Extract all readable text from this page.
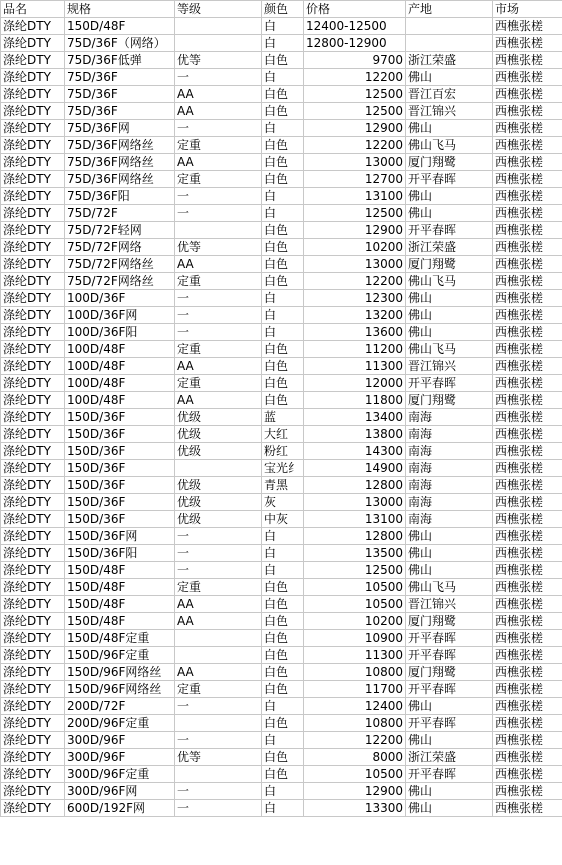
品名	规格	等级	颜色	价格	产地	市场
涤纶DTY	150D/48F		白	12400-12500		西樵张槎
涤纶DTY	75D/36F（网络）		白	12800-12900		西樵张槎
涤纶DTY	75D/36F低弹	优等	白色	9700	浙江荣盛	西樵张槎
涤纶DTY	75D/36F	一	白	12200	佛山	西樵张槎
涤纶DTY	75D/36F	AA	白色	12500	晋江百宏	西樵张槎
涤纶DTY	75D/36F	AA	白色	12500	晋江锦兴	西樵张槎
涤纶DTY	75D/36F网	一	白	12900	佛山	西樵张槎
涤纶DTY	75D/36F网络丝	定重	白色	12200	佛山飞马	西樵张槎
涤纶DTY	75D/36F网络丝	AA	白色	13000	厦门翔鹭	西樵张槎
涤纶DTY	75D/36F网络丝	定重	白色	12700	开平春晖	西樵张槎
涤纶DTY	75D/36F阳	一	白	13100	佛山	西樵张槎
涤纶DTY	75D/72F	一	白	12500	佛山	西樵张槎
涤纶DTY	75D/72F轻网		白色	12900	开平春晖	西樵张槎
涤纶DTY	75D/72F网络	优等	白色	10200	浙江荣盛	西樵张槎
涤纶DTY	75D/72F网络丝	AA	白色	13000	厦门翔鹭	西樵张槎
涤纶DTY	75D/72F网络丝	定重	白色	12200	佛山飞马	西樵张槎
涤纶DTY	100D/36F	一	白	12300	佛山	西樵张槎
涤纶DTY	100D/36F网	一	白	13200	佛山	西樵张槎
涤纶DTY	100D/36F阳	一	白	13600	佛山	西樵张槎
涤纶DTY	100D/48F	定重	白色	11200	佛山飞马	西樵张槎
涤纶DTY	100D/48F	AA	白色	11300	晋江锦兴	西樵张槎
涤纶DTY	100D/48F	定重	白色	12000	开平春晖	西樵张槎
涤纶DTY	100D/48F	AA	白色	11800	厦门翔鹭	西樵张槎
涤纶DTY	150D/36F	优级	蓝	13400	南海	西樵张槎
涤纶DTY	150D/36F	优级	大红	13800	南海	西樵张槎
涤纶DTY	150D/36F	优级	粉红	14300	南海	西樵张槎
涤纶DTY	150D/36F		宝光纟	14900	南海	西樵张槎
涤纶DTY	150D/36F	优级	青黑	12800	南海	西樵张槎
涤纶DTY	150D/36F	优级	灰	13000	南海	西樵张槎
涤纶DTY	150D/36F	优级	中灰	13100	南海	西樵张槎
涤纶DTY	150D/36F网	一	白	12800	佛山	西樵张槎
涤纶DTY	150D/36F阳	一	白	13500	佛山	西樵张槎
涤纶DTY	150D/48F	一	白	12500	佛山	西樵张槎
涤纶DTY	150D/48F	定重	白色	10500	佛山飞马	西樵张槎
涤纶DTY	150D/48F	AA	白色	10500	晋江锦兴	西樵张槎
涤纶DTY	150D/48F	AA	白色	10200	厦门翔鹭	西樵张槎
涤纶DTY	150D/48F定重		白色	10900	开平春晖	西樵张槎
涤纶DTY	150D/96F定重		白色	11300	开平春晖	西樵张槎
涤纶DTY	150D/96F网络丝	AA	白色	10800	厦门翔鹭	西樵张槎
涤纶DTY	150D/96F网络丝	定重	白色	11700	开平春晖	西樵张槎
涤纶DTY	200D/72F	一	白	12400	佛山	西樵张槎
涤纶DTY	200D/96F定重		白色	10800	开平春晖	西樵张槎
涤纶DTY	300D/96F	一	白	12200	佛山	西樵张槎
涤纶DTY	300D/96F	优等	白色	8000	浙江荣盛	西樵张槎
涤纶DTY	300D/96F定重		白色	10500	开平春晖	西樵张槎
涤纶DTY	300D/96F网	一	白	12900	佛山	西樵张槎
涤纶DTY	600D/192F网	一	白	13300	佛山	西樵张槎
